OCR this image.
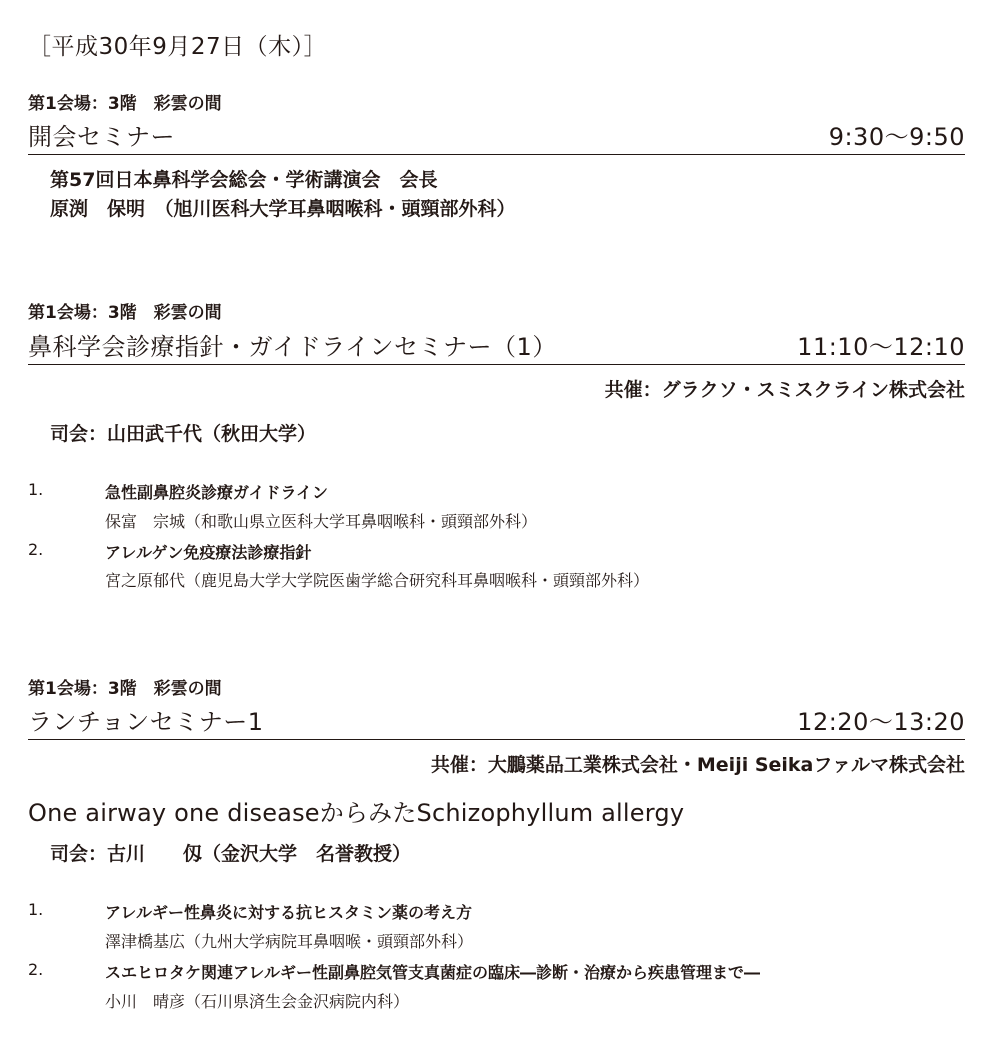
［平成30年9月27日（木）］
第1会場：3階　彩雲の間
開会セミナー	9:30〜9:50
第57回日本鼻科学会総会・学術講演会　会長
原渕　保明　（旭川医科大学耳鼻咽喉科・頭頸部外科）
第1会場：3階　彩雲の間
鼻科学会診療指針・ガイドラインセミナー（1）	11:10〜12:10
共催：グラクソ・スミスクライン株式会社
司会：山田武千代（秋田大学）
1.	急性副鼻腔炎診療ガイドライン
保富　宗城（和歌山県立医科大学耳鼻咽喉科・頭頸部外科）
2.	アレルゲン免疫療法診療指針
宮之原郁代（鹿児島大学大学院医歯学総合研究科耳鼻咽喉科・頭頸部外科）
第1会場：3階　彩雲の間
ランチョンセミナー1	12:20〜13:20
共催：大鵬薬品工業株式会社・Meiji Seikaファルマ株式会社
One airway one diseaseからみたSchizophyllum allergy
司会：古川　　仭（金沢大学　名誉教授）
1.	アレルギー性鼻炎に対する抗ヒスタミン薬の考え方
澤津橋基広（九州大学病院耳鼻咽喉・頭頸部外科）
2.	スエヒロタケ関連アレルギー性副鼻腔気管支真菌症の臨床―診断・治療から疾患管理まで―
小川　晴彦（石川県済生会金沢病院内科）
